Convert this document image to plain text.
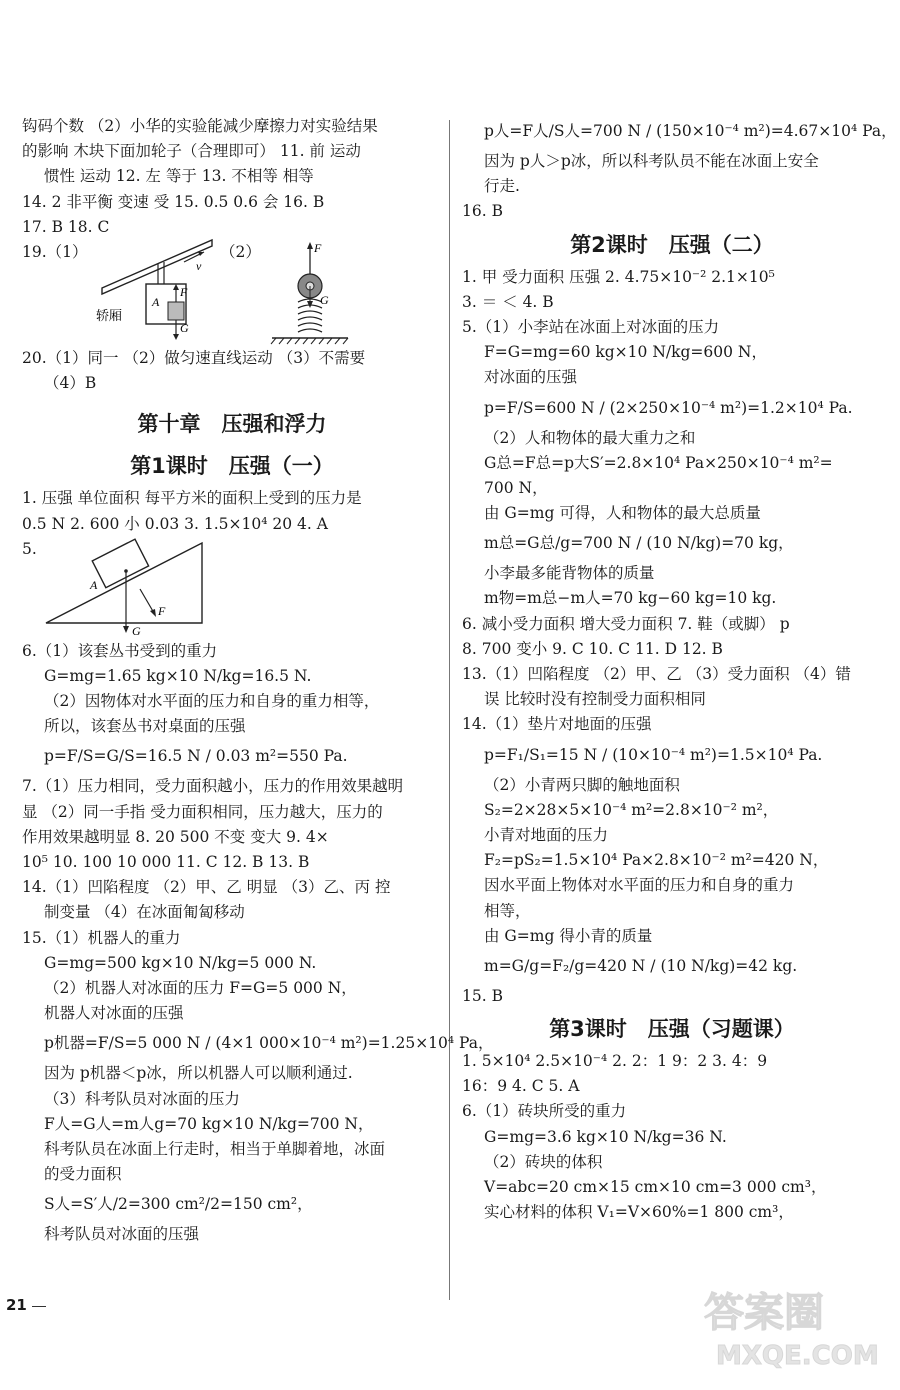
钩码个数 （2）小华的实验能减少摩擦力对实验结果
的影响 木块下面加轮子（合理即可） 11. 前 运动
惯性 运动 12. 左 等于 13. 不相等 相等
14. 2 非平衡 变速 受 15. 0.5 0.6 会 16. B
17. B 18. C
19.（1）
v
F
G
A
轿厢
（2）	F
G
20.（1）同一 （2）做匀速直线运动 （3）不需要
（4）B
第十章　压强和浮力
第1课时　压强（一）
1. 压强 单位面积 每平方米的面积上受到的压力是
0.5 N 2. 600 小 0.03 3. 1.5×10⁴ 20 4. A
5.
G
F
A
6.（1）该套丛书受到的重力
G=mg=1.65 kg×10 N/kg=16.5 N.
（2）因物体对水平面的压力和自身的重力相等，
所以，该套丛书对桌面的压强
p=F/S=G/S=16.5 N / 0.03 m²=550 Pa.
7.（1）压力相同，受力面积越小，压力的作用效果越明
显 （2）同一手指 受力面积相同，压力越大，压力的
作用效果越明显 8. 20 500 不变 变大 9. 4×
10⁵ 10. 100 10 000 11. C 12. B 13. B
14.（1）凹陷程度 （2）甲、乙 明显 （3）乙、丙 控
制变量 （4）在冰面匍匐移动
15.（1）机器人的重力
G=mg=500 kg×10 N/kg=5 000 N.
（2）机器人对冰面的压力 F=G=5 000 N，
机器人对冰面的压强
p机器=F/S=5 000 N / (4×1 000×10⁻⁴ m²)=1.25×10⁴ Pa，
因为 p机器＜p冰，所以机器人可以顺利通过.
（3）科考队员对冰面的压力
F人=G人=m人g=70 kg×10 N/kg=700 N，
科考队员在冰面上行走时，相当于单脚着地，冰面
的受力面积
S人=S′人/2=300 cm²/2=150 cm²，
科考队员对冰面的压强
p人=F人/S人=700 N / (150×10⁻⁴ m²)=4.67×10⁴ Pa，
因为 p人＞p冰，所以科考队员不能在冰面上安全
行走.
16. B
第2课时　压强（二）
1. 甲 受力面积 压强 2. 4.75×10⁻² 2.1×10⁵
3. ＝ ＜ 4. B
5.（1）小李站在冰面上对冰面的压力
F=G=mg=60 kg×10 N/kg=600 N，
对冰面的压强
p=F/S=600 N / (2×250×10⁻⁴ m²)=1.2×10⁴ Pa.
（2）人和物体的最大重力之和
G总=F总=p大S′=2.8×10⁴ Pa×250×10⁻⁴ m²=
700 N，
由 G=mg 可得，人和物体的最大总质量
m总=G总/g=700 N / (10 N/kg)=70 kg，
小李最多能背物体的质量
m物=m总−m人=70 kg−60 kg=10 kg.
6. 减小受力面积 增大受力面积 7. 鞋（或脚） p
8. 700 变小 9. C 10. C 11. D 12. B
13.（1）凹陷程度 （2）甲、乙 （3）受力面积 （4）错
误 比较时没有控制受力面积相同
14.（1）垫片对地面的压强
p=F₁/S₁=15 N / (10×10⁻⁴ m²)=1.5×10⁴ Pa.
（2）小青两只脚的触地面积
S₂=2×28×5×10⁻⁴ m²=2.8×10⁻² m²，
小青对地面的压力
F₂=pS₂=1.5×10⁴ Pa×2.8×10⁻² m²=420 N，
因水平面上物体对水平面的压力和自身的重力
相等，
由 G=mg 得小青的质量
m=G/g=F₂/g=420 N / (10 N/kg)=42 kg.
15. B
第3课时　压强（习题课）
1. 5×10⁴ 2.5×10⁻⁴ 2. 2：1 9：2 3. 4：9
16：9 4. C 5. A
6.（1）砖块所受的重力
G=mg=3.6 kg×10 N/kg=36 N.
（2）砖块的体积
V=abc=20 cm×15 cm×10 cm=3 000 cm³，
实心材料的体积 V₁=V×60%=1 800 cm³，
21	答案圈
MXQE.COM
